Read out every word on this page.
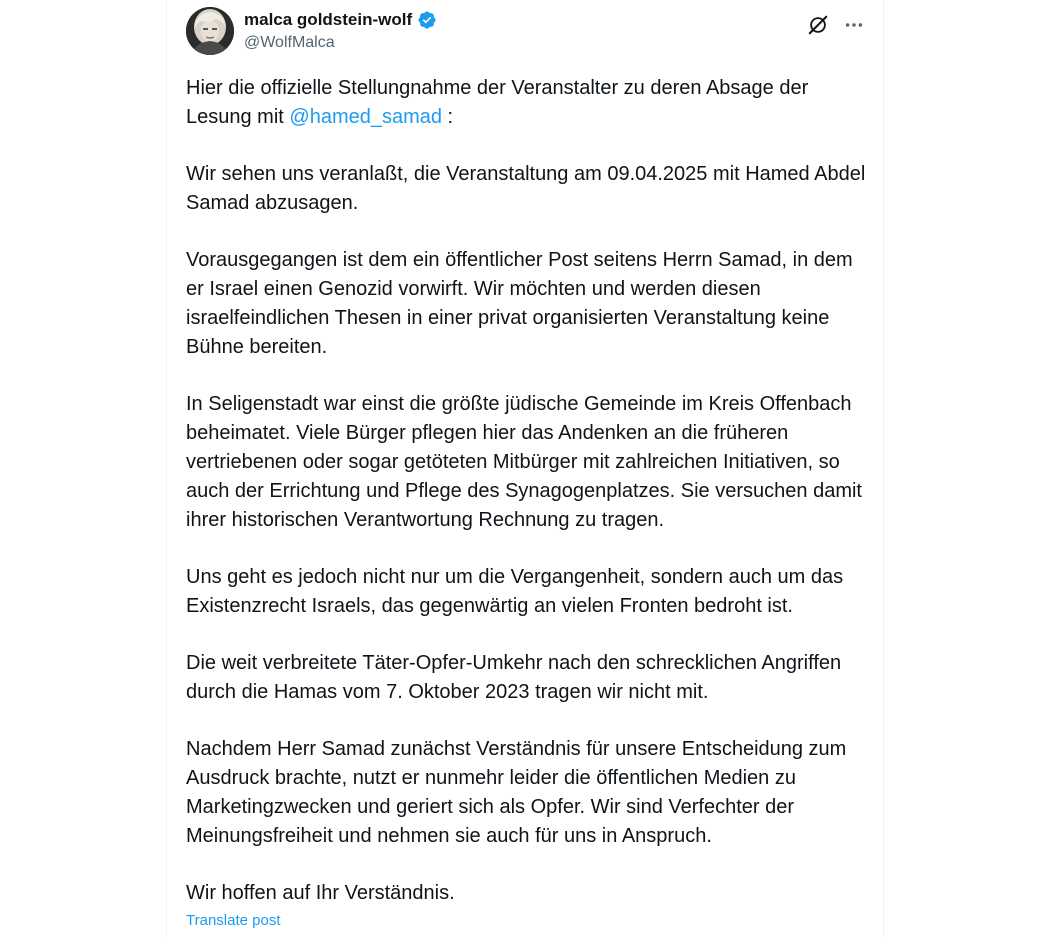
malca goldstein-wolf
@WolfMalca

Hier die offizielle Stellungnahme der Veranstalter zu deren Absage der Lesung mit @hamed_samad :

Wir sehen uns veranlaßt, die Veranstaltung am 09.04.2025 mit Hamed Abdel Samad abzusagen.

Vorausgegangen ist dem ein öffentlicher Post seitens Herrn Samad, in dem er Israel einen Genozid vorwirft. Wir möchten und werden diesen israelfeindlichen Thesen in einer privat organisierten Veranstaltung keine Bühne bereiten.

In Seligenstadt war einst die größte jüdische Gemeinde im Kreis Offenbach beheimatet. Viele Bürger pflegen hier das Andenken an die früheren vertriebenen oder sogar getöteten Mitbürger mit zahlreichen Initiativen, so auch der Errichtung und Pflege des Synagogenplatzes. Sie versuchen damit ihrer historischen Verantwortung Rechnung zu tragen.

Uns geht es jedoch nicht nur um die Vergangenheit, sondern auch um das Existenzrecht Israels, das gegenwärtig an vielen Fronten bedroht ist.

Die weit verbreitete Täter-Opfer-Umkehr nach den schrecklichen Angriffen durch die Hamas vom 7. Oktober 2023 tragen wir nicht mit.

Nachdem Herr Samad zunächst Verständnis für unsere Entscheidung zum Ausdruck brachte, nutzt er nunmehr leider die öffentlichen Medien zu Marketingzwecken und geriert sich als Opfer. Wir sind Verfechter der Meinungsfreiheit und nehmen sie auch für uns in Anspruch.

Wir hoffen auf Ihr Verständnis.

Translate post
